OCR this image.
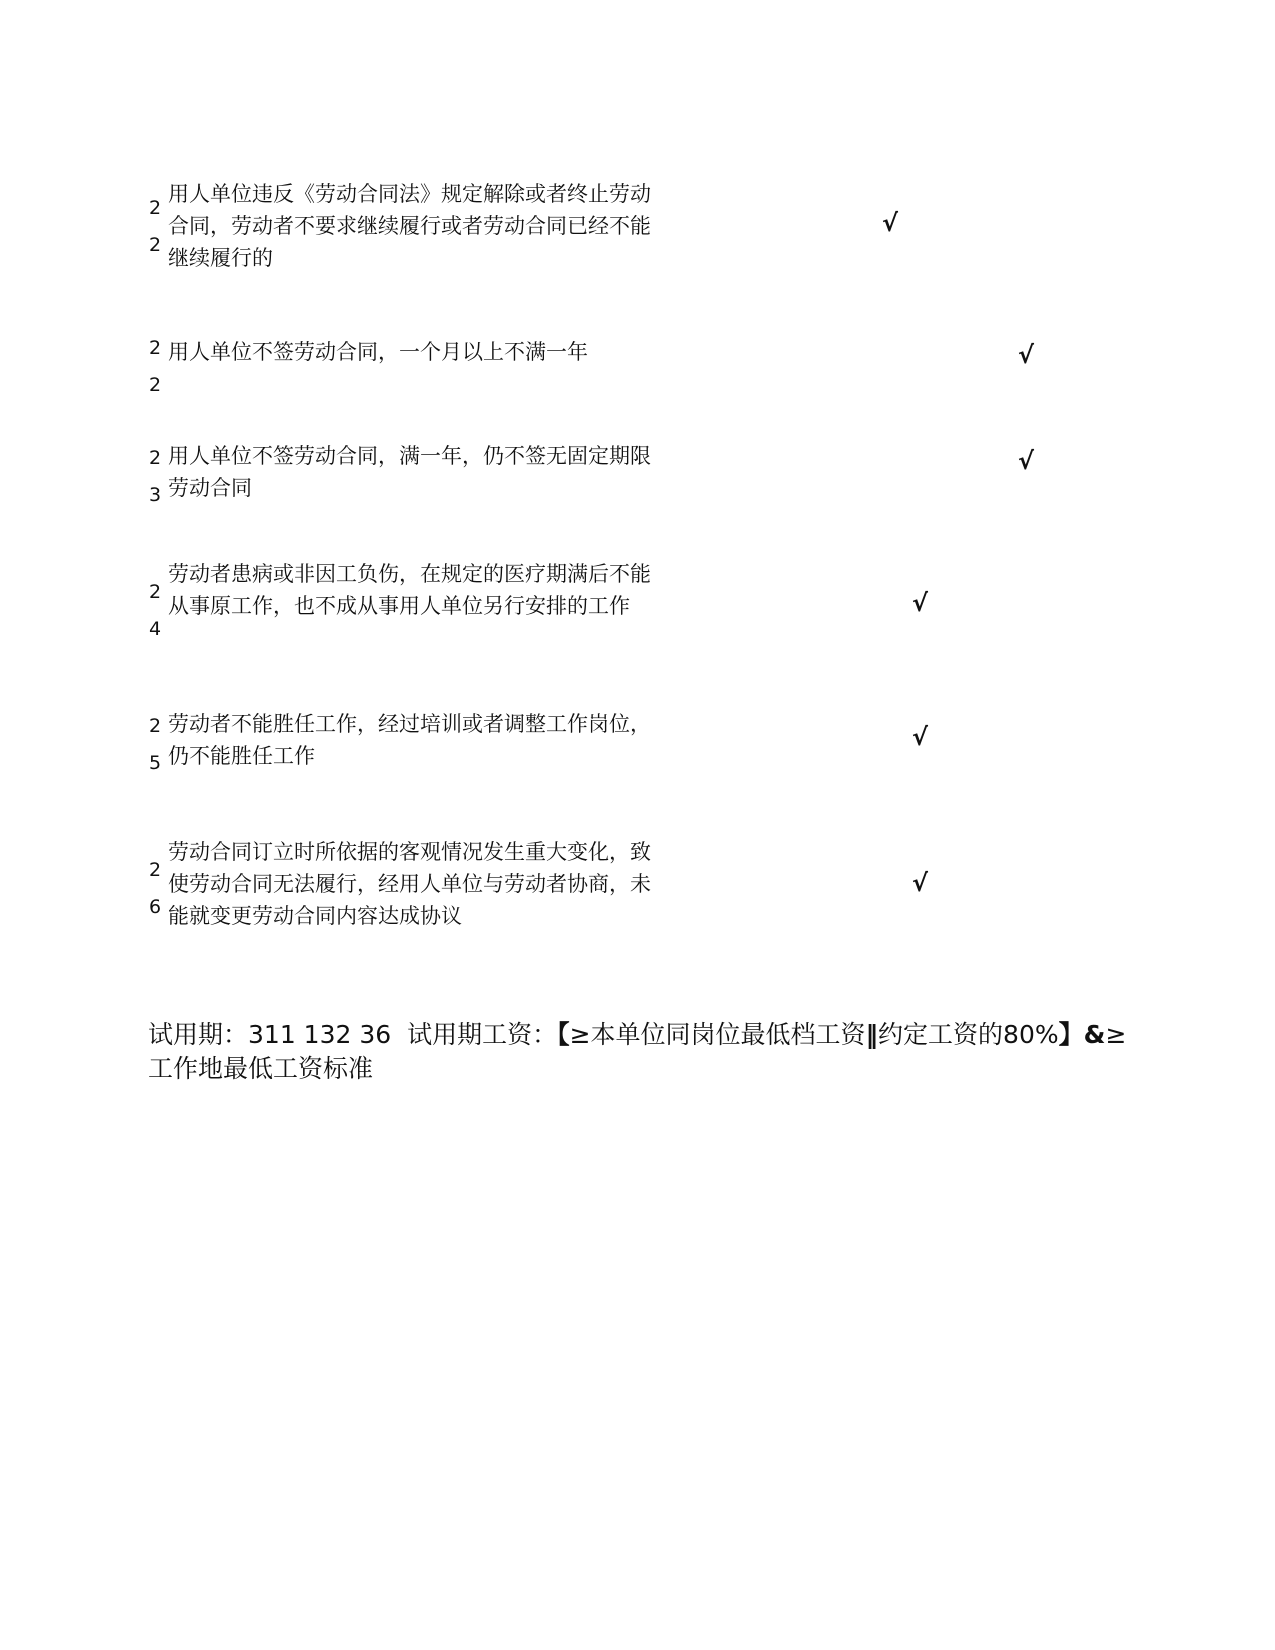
2
2
用人单位违反《劳动合同法》规定解除或者终止劳动合同，劳动者不要求继续履行或者劳动合同已经不能继续履行的
√
2
2
用人单位不签劳动合同，一个月以上不满一年	√
2
3
用人单位不签劳动合同，满一年，仍不签无固定期限劳动合同
√
2
4
劳动者患病或非因工负伤，在规定的医疗期满后不能从事原工作，也不成从事用人单位另行安排的工作	√
2
5
劳动者不能胜任工作，经过培训或者调整工作岗位，仍不能胜任工作
√
2
6
劳动合同订立时所依据的客观情况发生重大变化，致使劳动合同无法履行，经用人单位与劳动者协商，未能就变更劳动合同内容达成协议
√
试用期：311 132 36 试用期工资：【≥本单位同岗位最低档工资‖约定工资的80%】&≥工作地最低工资标准
